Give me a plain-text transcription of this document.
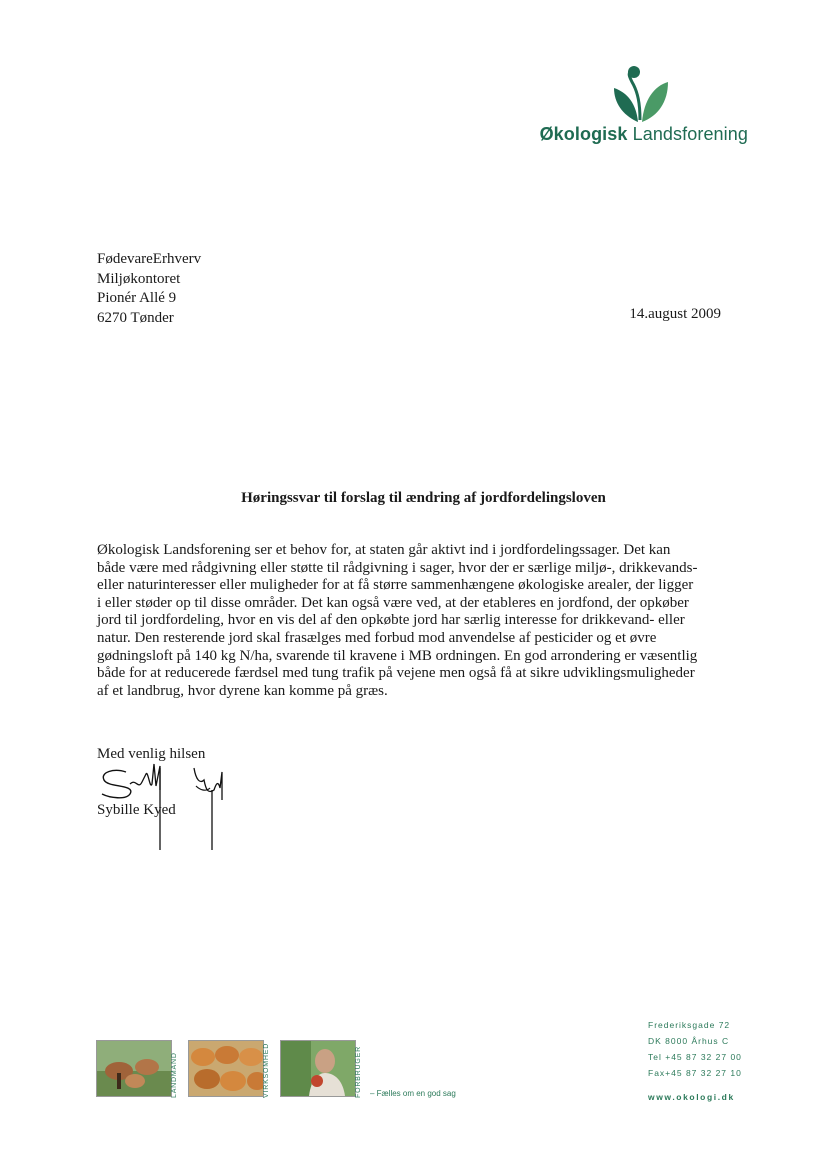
Økologisk Landsforening
FødevareErhverv
Miljøkontoret
Pionér Allé 9
6270 Tønder	14.august 2009
Høringssvar til forslag til ændring af jordfordelingsloven
Økologisk Landsforening ser et behov for, at staten går aktivt ind i jordfordelingssager. Det kan
både være med rådgivning eller støtte til rådgivning i sager, hvor der er særlige miljø-, drikkevands-
eller naturinteresser eller muligheder for at få større sammenhængene økologiske arealer, der ligger
i eller støder op til disse områder. Det kan også være ved, at der etableres en jordfond, der opkøber
jord til jordfordeling, hvor en vis del af den opkøbte jord har særlig interesse for drikkevand- eller
natur. Den resterende jord skal frasælges med forbud mod anvendelse af pesticider og et øvre
gødningsloft på 140 kg N/ha, svarende til kravene i MB ordningen. En god arrondering er væsentlig
både for at reducerede færdsel med tung trafik på vejene men også få at sikre udviklingsmuligheder
af et landbrug, hvor dyrene kan komme på græs.
Med venlig hilsen
Sybille Kyed
LANDMAND	VIRKSOMHED	FORBRUGER	– Fælles om en god sag
Frederiksgade 72
DK 8000 Århus C
Tel +45 87 32 27 00
Fax+45 87 32 27 10
www.okologi.dk
